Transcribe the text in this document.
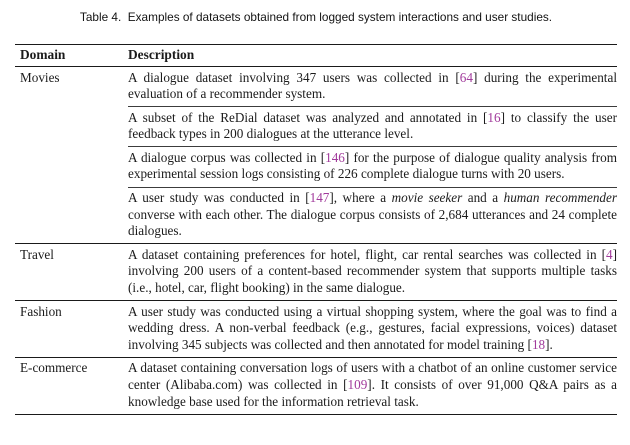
Table 4.  Examples of datasets obtained from logged system interactions and user studies.
Domain	Description
Movies	A dialogue dataset involving 347 users was collected in [64] during the experimental evaluation of a recommender system.
A subset of the ReDial dataset was analyzed and annotated in [16] to classify the user feedback types in 200 dialogues at the utterance level.
A dialogue corpus was collected in [146] for the purpose of dialogue quality analysis from experimental session logs consisting of 226 complete dialogue turns with 20 users.
A user study was conducted in [147], where a movie seeker and a human recommender converse with each other. The dialogue corpus consists of 2,684 utterances and 24 complete dialogues.
Travel	A dataset containing preferences for hotel, flight, car rental searches was collected in [4] involving 200 users of a content-based recommender system that supports multiple tasks (i.e., hotel, car, flight booking) in the same dialogue.
Fashion	A user study was conducted using a virtual shopping system, where the goal was to find a wedding dress. A non-verbal feedback (e.g., gestures, facial expressions, voices) dataset involving 345 subjects was collected and then annotated for model training [18].
E-commerce	A dataset containing conversation logs of users with a chatbot of an online customer service center (Alibaba.com) was collected in [109]. It consists of over 91,000 Q&A pairs as a knowledge base used for the information retrieval task.
